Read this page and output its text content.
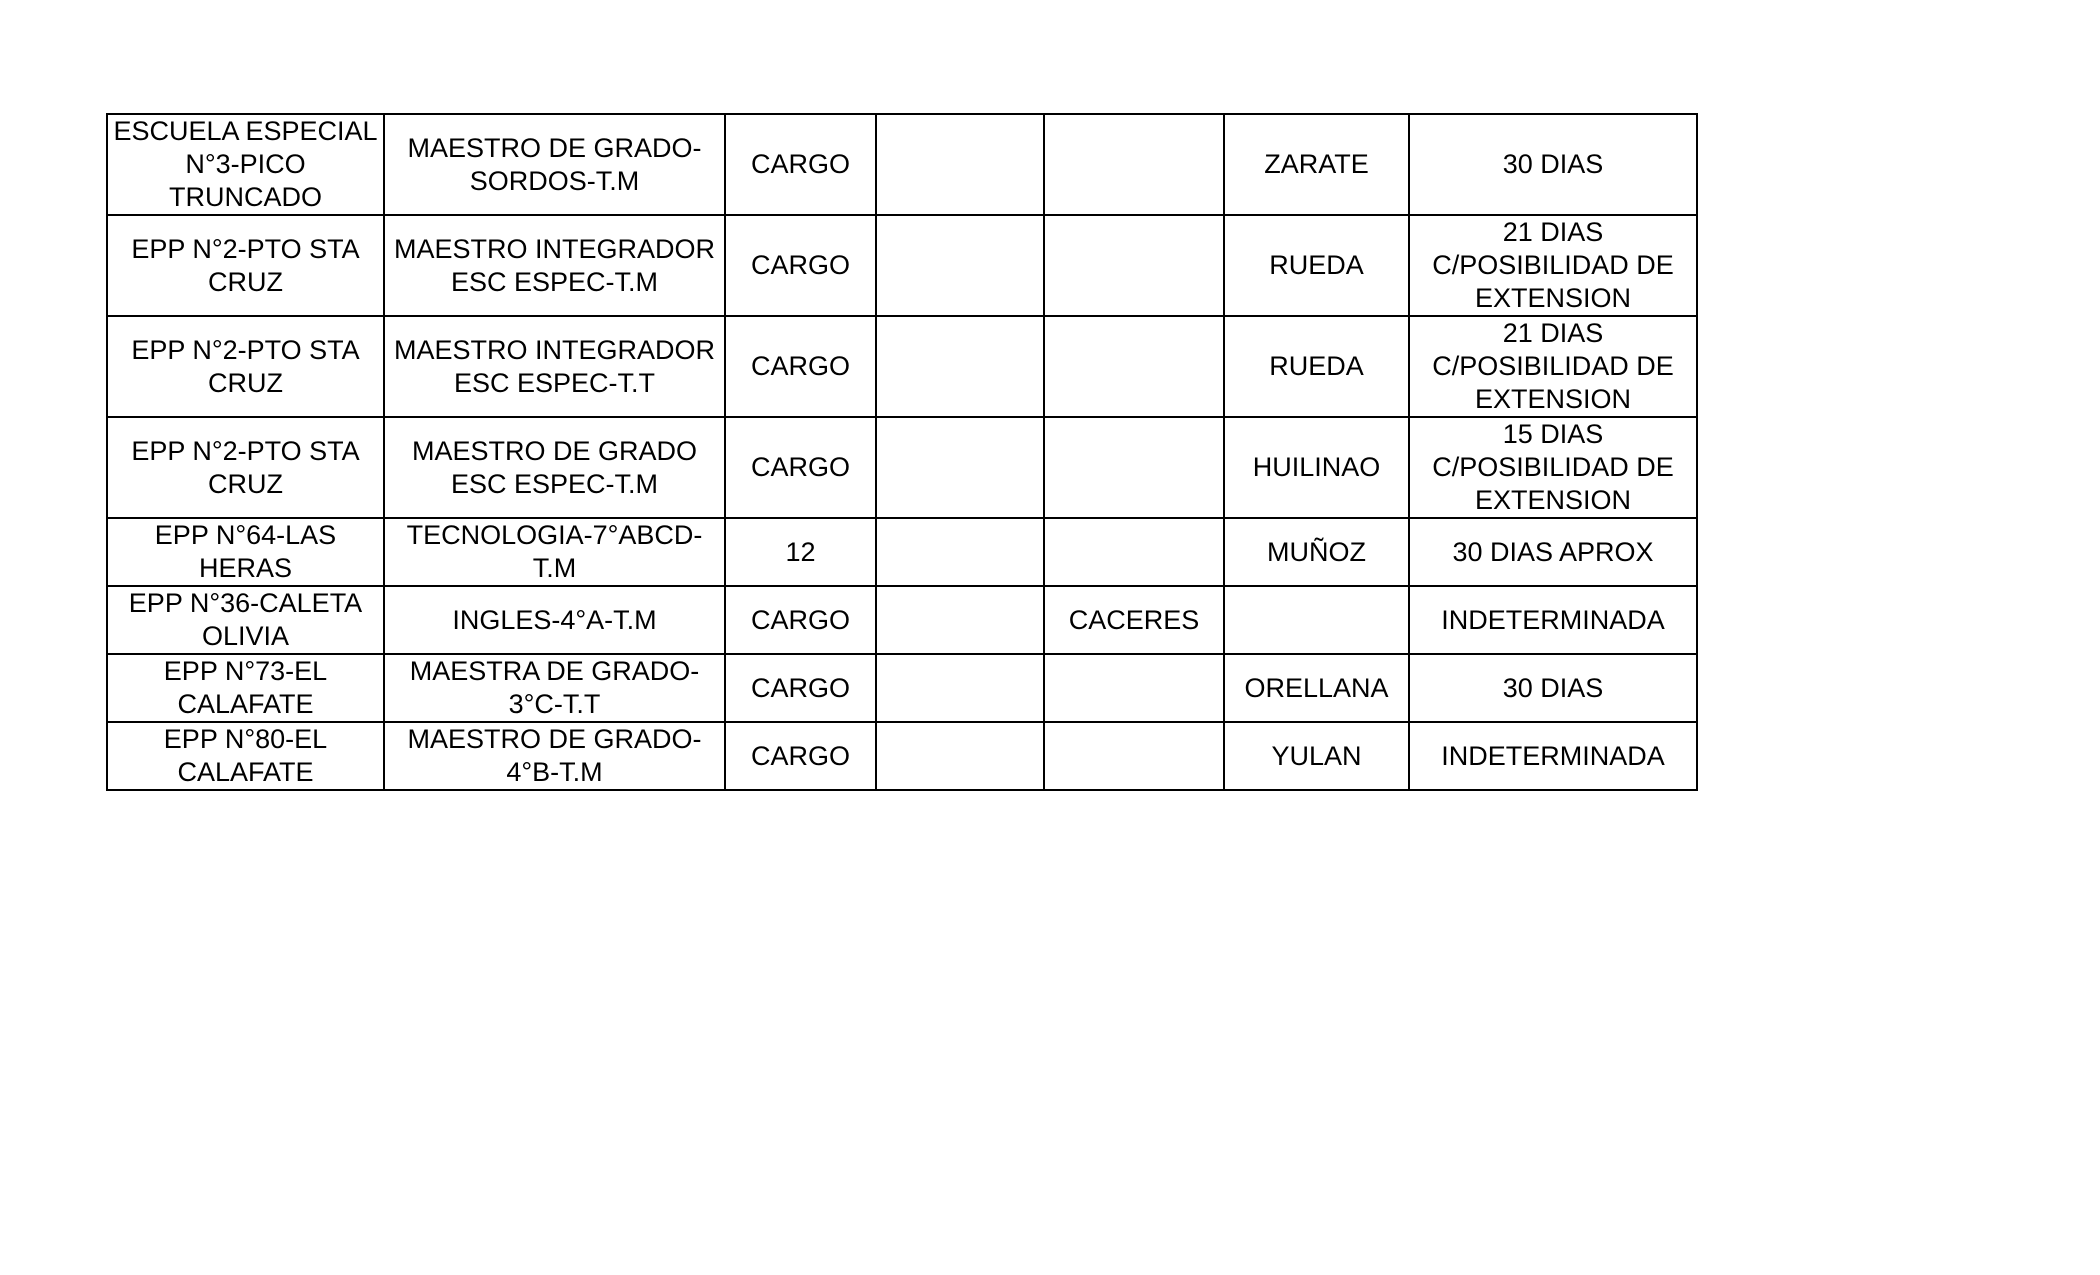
ESCUELA ESPECIAL N°3-PICO TRUNCADO	MAESTRO DE GRADO-SORDOS-T.M	CARGO			ZARATE	30 DIAS
EPP N°2-PTO STA CRUZ	MAESTRO INTEGRADOR ESC ESPEC-T.M	CARGO			RUEDA	21 DIAS C/POSIBILIDAD DE EXTENSION
EPP N°2-PTO STA CRUZ	MAESTRO INTEGRADOR ESC ESPEC-T.T	CARGO			RUEDA	21 DIAS C/POSIBILIDAD DE EXTENSION
EPP N°2-PTO STA CRUZ	MAESTRO DE GRADO ESC ESPEC-T.M	CARGO			HUILINAO	15 DIAS C/POSIBILIDAD DE EXTENSION
EPP N°64-LAS HERAS	TECNOLOGIA-7°ABCD-T.M	12			MUÑOZ	30 DIAS APROX
EPP N°36-CALETA OLIVIA	INGLES-4°A-T.M	CARGO		CACERES		INDETERMINADA
EPP N°73-EL CALAFATE	MAESTRA DE GRADO-3°C-T.T	CARGO			ORELLANA	30 DIAS
EPP N°80-EL CALAFATE	MAESTRO DE GRADO-4°B-T.M	CARGO			YULAN	INDETERMINADA
